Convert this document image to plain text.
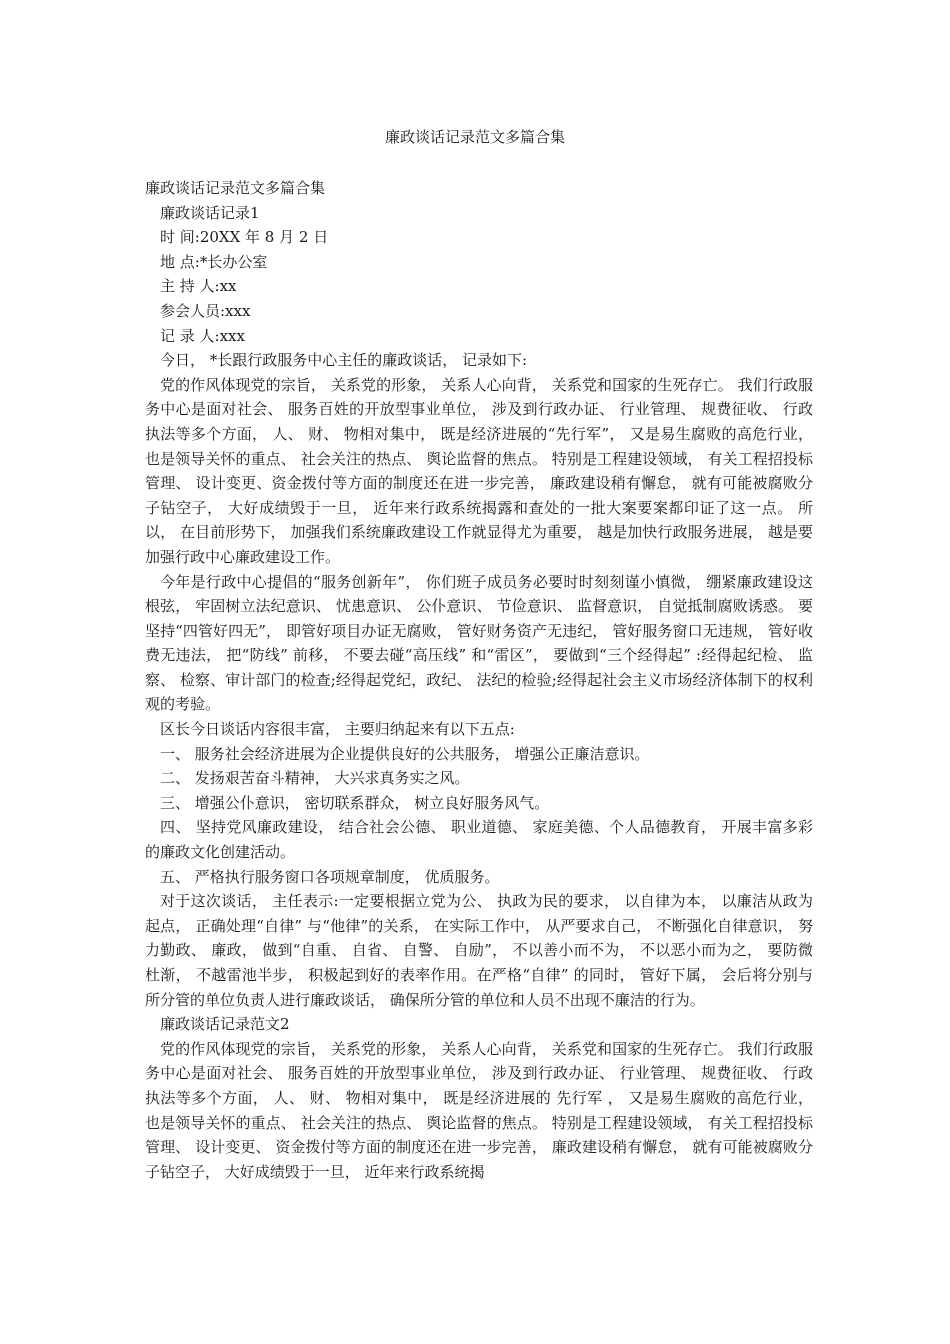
廉政谈话记录范文多篇合集

廉政谈话记录范文多篇合集

廉政谈话记录1

时 间:20XX 年 8 月 2 日

地 点:*长办公室

主 持 人:xx

参会人员:xxx

记 录 人:xxx

今日， *长跟行政服务中心主任的廉政谈话， 记录如下:

党的作风体现党的宗旨， 关系党的形象， 关系人心向背， 关系党和国家的生死存亡。 我们行政服务中心是面对社会、 服务百姓的开放型事业单位， 涉及到行政办证、 行业管理、 规费征收、 行政执法等多个方面， 人、 财、 物相对集中， 既是经济进展的“先行军”， 又是易生腐败的高危行业， 也是领导关怀的重点、 社会关注的热点、 舆论监督的焦点。 特别是工程建设领域， 有关工程招投标管理、 设计变更、资金拨付等方面的制度还在进一步完善， 廉政建设稍有懈怠， 就有可能被腐败分子钻空子， 大好成绩毁于一旦， 近年来行政系统揭露和查处的一批大案要案都印证了这一点。 所以， 在目前形势下， 加强我们系统廉政建设工作就显得尤为重要， 越是加快行政服务进展， 越是要加强行政中心廉政建设工作。

今年是行政中心提倡的“服务创新年”， 你们班子成员务必要时时刻刻谨小慎微， 绷紧廉政建设这根弦， 牢固树立法纪意识、 忧患意识、 公仆意识、 节俭意识、 监督意识， 自觉抵制腐败诱惑。 要坚持“四管好四无”， 即管好项目办证无腐败， 管好财务资产无违纪， 管好服务窗口无违规， 管好收费无违法， 把“防线” 前移， 不要去碰“高压线” 和“雷区”， 要做到“三个经得起” :经得起纪检、 监察、 检察、审计部门的检查;经得起党纪，政纪、 法纪的检验;经得起社会主义市场经济体制下的权利观的考验。

区长今日谈话内容很丰富， 主要归纳起来有以下五点:

一、 服务社会经济进展为企业提供良好的公共服务， 增强公正廉洁意识。

二、 发扬艰苦奋斗精神， 大兴求真务实之风。

三、 增强公仆意识， 密切联系群众， 树立良好服务风气。

四、 坚持党风廉政建设， 结合社会公德、 职业道德、 家庭美德、个人品德教育， 开展丰富多彩的廉政文化创建活动。

五、 严格执行服务窗口各项规章制度， 优质服务。

对于这次谈话， 主任表示:一定要根据立党为公、 执政为民的要求， 以自律为本， 以廉洁从政为起点， 正确处理“自律” 与“他律”的关系， 在实际工作中， 从严要求自己， 不断强化自律意识， 努力勤政、 廉政， 做到“自重、 自省、 自警、 自励”， 不以善小而不为， 不以恶小而为之， 要防微杜渐， 不越雷池半步， 积极起到好的表率作用。在严格“自律” 的同时， 管好下属， 会后将分别与所分管的单位负责人进行廉政谈话， 确保所分管的单位和人员不出现不廉洁的行为。

廉政谈话记录范文2

党的作风体现党的宗旨， 关系党的形象， 关系人心向背， 关系党和国家的生死存亡。 我们行政服务中心是面对社会、 服务百姓的开放型事业单位， 涉及到行政办证、 行业管理、 规费征收、 行政执法等多个方面， 人、 财、 物相对集中， 既是经济进展的 先行军 ， 又是易生腐败的高危行业， 也是领导关怀的重点、 社会关注的热点、 舆论监督的焦点。 特别是工程建设领域， 有关工程招投标管理、 设计变更、 资金拨付等方面的制度还在进一步完善， 廉政建设稍有懈怠， 就有可能被腐败分子钻空子， 大好成绩毁于一旦， 近年来行政系统揭
